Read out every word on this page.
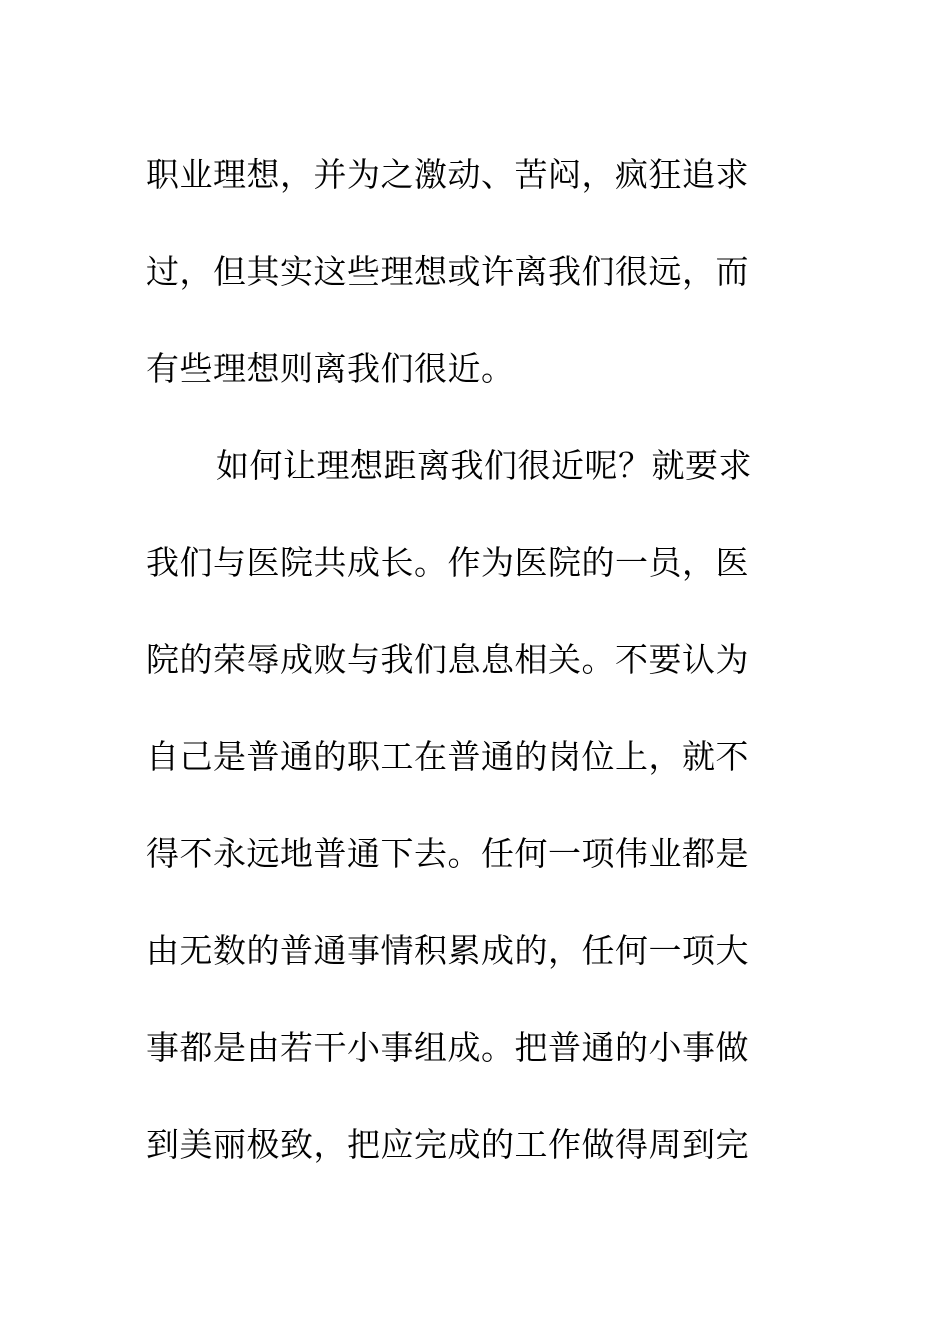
职业理想，并为之激动、苦闷，疯狂追求
过，但其实这些理想或许离我们很远，而
有些理想则离我们很近。
如何让理想距离我们很近呢？就要求
我们与医院共成长。作为医院的一员，医
院的荣辱成败与我们息息相关。不要认为
自己是普通的职工在普通的岗位上，就不
得不永远地普通下去。任何一项伟业都是
由无数的普通事情积累成的，任何一项大
事都是由若干小事组成。把普通的小事做
到美丽极致，把应完成的工作做得周到完
